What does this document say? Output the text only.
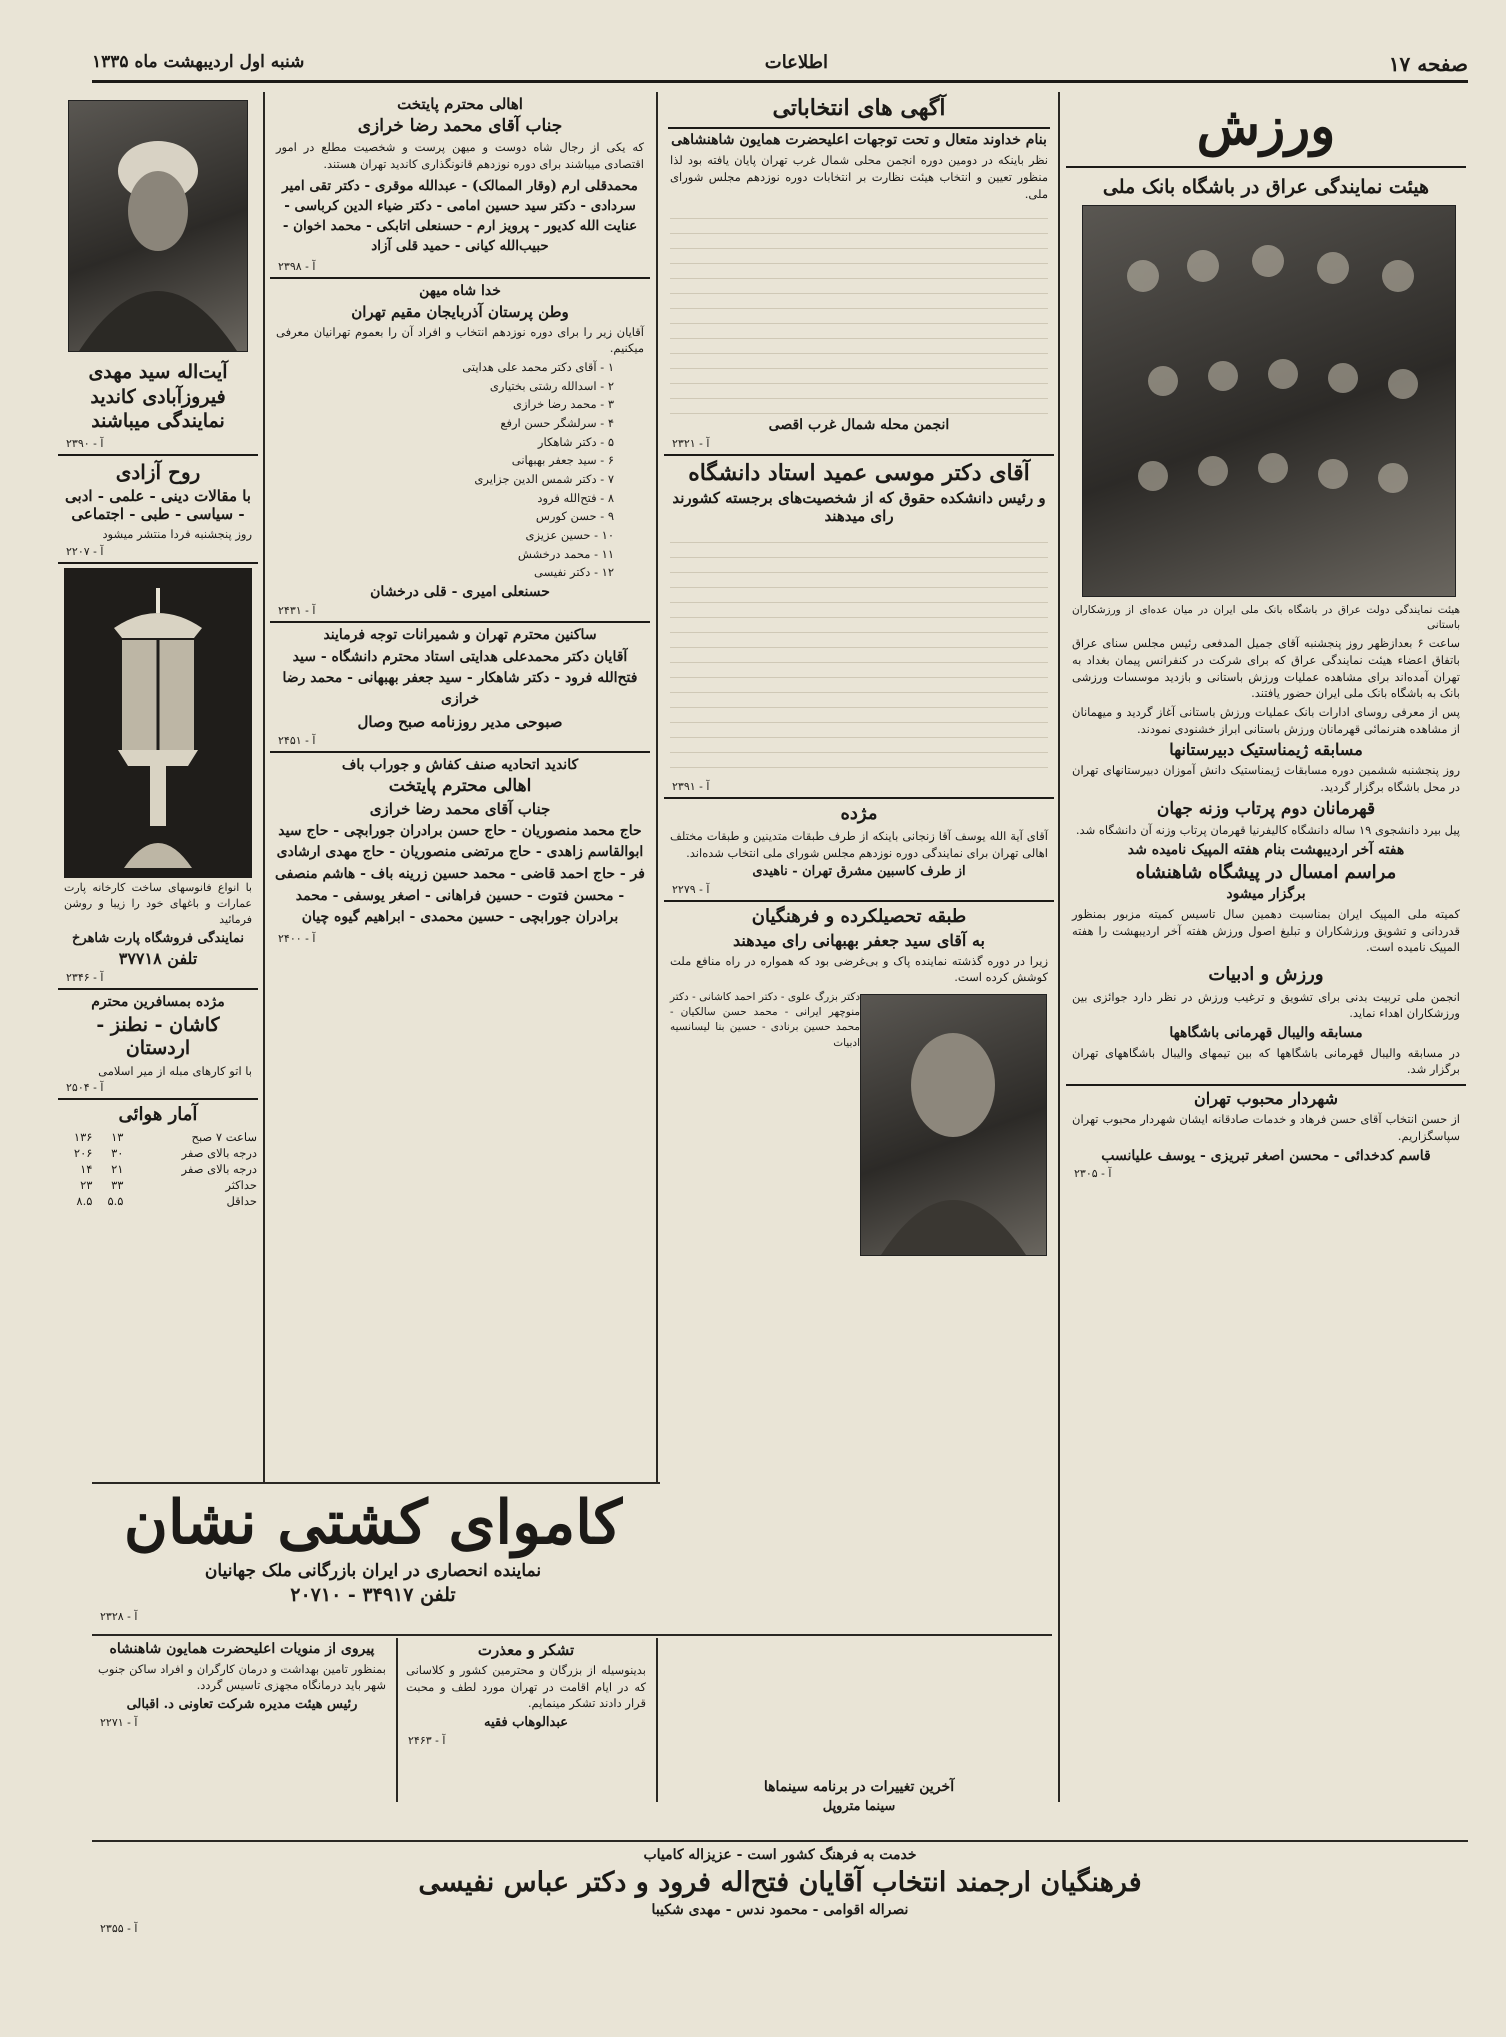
صفحه ۱۷
اطلاعات
شنبه اول اردیبهشت ماه ۱۳۳۵
ورزش
هیئت نمایندگی عراق در باشگاه بانک ملی
هیئت نمایندگی دولت عراق در باشگاه بانک ملی ایران در میان عده‌ای از ورزشکاران باستانی
ساعت ۶ بعدازظهر روز پنجشنبه آقای جمیل المدفعی رئیس مجلس سنای عراق باتفاق اعضاء هیئت نمایندگی عراق که برای شرکت در کنفرانس پیمان بغداد به تهران آمده‌اند برای مشاهده عملیات ورزش باستانی و بازدید موسسات ورزشی بانک به باشگاه بانک ملی ایران حضور یافتند.
پس از معرفی روسای ادارات بانک عملیات ورزش باستانی آغاز گردید و میهمانان از مشاهده هنرنمائی قهرمانان ورزش باستانی ابراز خشنودی نمودند.
مسابقه ژیمناستیک دبیرستانها
روز پنجشنبه ششمین دوره مسابقات ژیمناستیک دانش آموزان دبیرستانهای تهران در محل باشگاه برگزار گردید.
قهرمانان دوم پرتاب وزنه جهان
پیل بیرد دانشجوی ۱۹ ساله دانشگاه کالیفرنیا قهرمان پرتاب وزنه آن دانشگاه شد.
هفته آخر اردیبهشت بنام هفته المپیک نامیده شد
مراسم امسال در پیشگاه شاهنشاه
برگزار میشود
کمیته ملی المپیک ایران بمناسبت دهمین سال تاسیس کمیته مزبور بمنظور قدردانی و تشویق ورزشکاران و تبلیغ اصول ورزش هفته آخر اردیبهشت را هفته المپیک نامیده است.
ورزش و ادبیات
انجمن ملی تربیت بدنی برای تشویق و ترغیب ورزش در نظر دارد جوائزی بین ورزشکاران اهداء نماید.
مسابقه والیبال قهرمانی باشگاهها
در مسابقه والیبال قهرمانی باشگاهها که بین تیمهای والیبال باشگاههای تهران برگزار شد.
شهردار محبوب تهران
از حسن انتخاب آقای حسن فرهاد و خدمات صادقانه ایشان شهردار محبوب تهران سپاسگزاریم.
قاسم کدخدائی - محسن اصغر تبریزی - یوسف علیانسب
آ - ۲۳۰۵
آگهی های انتخاباتی
بنام خداوند متعال و تحت توجهات اعلیحضرت همایون شاهنشاهی
نظر باینکه در دومین دوره انجمن محلی شمال غرب تهران پایان یافته بود لذا منظور تعیین و انتخاب هیئت نظارت بر انتخابات دوره نوزدهم مجلس شورای ملی.
انجمن محله شمال غرب اقصی
آ - ۲۳۲۱
آقای دکتر موسی عمید استاد دانشگاه
و رئیس دانشکده حقوق که از شخصیت‌های برجسته کشورند رای میدهند
آ - ۲۳۹۱
مژده
آقای آیة الله یوسف آقا زنجانی باینکه از طرف طبقات متدینین و طبقات مختلف اهالی تهران برای نمایندگی دوره نوزدهم مجلس شورای ملی انتخاب شده‌اند.
از طرف کاسبین مشرق تهران - ناهیدی
آ - ۲۲۷۹
طبقه تحصیلکرده و فرهنگیان
به آقای سید جعفر بهبهانی رای میدهند
زیرا در دوره گذشته نماینده پاک و بی‌غرضی بود که همواره در راه منافع ملت کوشش کرده است.
دکتر بزرگ علوی - دکتر احمد کاشانی - دکتر منوچهر ایرانی - محمد حسن سالکیان - محمد حسین برنادی - حسین بنا لیسانسیه ادبیات
اهالی محترم پایتخت
جناب آقای محمد رضا خرازی
که یکی از رجال شاه دوست و میهن پرست و شخصیت مطلع در امور اقتصادی میباشند برای دوره نوزدهم قانونگذاری کاندید تهران هستند.
محمدقلی ارم (وقار الممالک) - عبدالله موقری - دکتر تقی امیر سردادی - دکتر سید حسین امامی - دکتر ضیاء الدین کرباسی - عنایت الله کدیور - پرویز ارم - حسنعلی اتابکی - محمد اخوان - حبیب‌الله کیانی - حمید قلی آزاد
آ - ۲۳۹۸
خدا شاه میهن
وطن پرستان آذربایجان مقیم تهران
آقایان زیر را برای دوره نوزدهم انتخاب و افراد آن را بعموم تهرانیان معرفی میکنیم.
۱ - آقای دکتر محمد علی هدایتی
۲ - اسدالله رشتی بختیاری
۳ - محمد رضا خرازی
۴ - سرلشگر حسن ارفع
۵ - دکتر شاهکار
۶ - سید جعفر بهبهانی
۷ - دکتر شمس الدین جزایری
۸ - فتح‌الله فرود
۹ - حسن کورس
۱۰ - حسین عزیزی
۱۱ - محمد درخشش
۱۲ - دکتر نفیسی
حسنعلی امیری - قلی درخشان
آ - ۲۴۳۱
ساکنین محترم تهران و شمیرانات توجه فرمایند
آقایان دکتر محمدعلی هدایتی استاد محترم دانشگاه - سید فتح‌الله فرود - دکتر شاهکار - سید جعفر بهبهانی - محمد رضا خرازی
صبوحی مدیر روزنامه صبح وصال
آ - ۲۴۵۱
کاندید اتحادیه صنف کفاش و جوراب باف
اهالی محترم پایتخت
جناب آقای محمد رضا خرازی
حاج محمد منصوریان - حاج حسن برادران جورابچی - حاج سید ابوالقاسم زاهدی - حاج مرتضی منصوریان - حاج مهدی ارشادی فر - حاج احمد قاضی - محمد حسین زرینه باف - هاشم منصفی - محسن فتوت - حسین فراهانی - اصغر یوسفی - محمد برادران جورابچی - حسین محمدی - ابراهیم گیوه چیان
آ - ۲۴۰۰
آیت‌اله سید مهدی فیروزآبادی کاندید نمایندگی میباشند
آ - ۲۳۹۰
روح آزادی
با مقالات دینی - علمی - ادبی - سیاسی - طبی - اجتماعی
روز پنجشنبه فردا منتشر میشود
آ - ۲۲۰۷
با انواع فانوسهای ساخت کارخانه پارت عمارات و باغهای خود را زیبا و روشن فرمائید
نمایندگی فروشگاه پارت شاهرخ
تلفن ۳۷۷۱۸
آ - ۲۳۴۶
مژده بمسافرین محترم
کاشان - نطنز - اردستان
با اتو کارهای مبله از میر اسلامی
آ - ۲۵۰۴
آمار هوائی
ساعت ۷ صبح	۱۳	۱۳۶
درجه بالای صفر	۳۰	۲۰۶
درجه بالای صفر	۲۱	۱۴
حداکثر	۳۳	۲۳
حداقل	۵.۵	۸.۵
کاموای کشتی نشان
نماینده انحصاری در ایران بازرگانی ملک جهانیان
تلفن ۳۴۹۱۷ - ۲۰۷۱۰
آ - ۲۳۲۸
پیروی از منویات اعلیحضرت همایون شاهنشاه
بمنظور تامین بهداشت و درمان کارگران و افراد ساکن جنوب شهر باید درمانگاه مجهزی تاسیس گردد.
رئیس هیئت مدیره شرکت تعاونی د. اقبالی
آ - ۲۲۷۱
تشکر و معذرت
بدینوسیله از بزرگان و محترمین کشور و کلاسانی که در ایام اقامت در تهران مورد لطف و محبت قرار دادند تشکر مینمایم.
عبدالوهاب فقیه
آ - ۲۴۶۳
آخرین تغییرات در برنامه سینماها
سینما متروپل
خدمت به فرهنگ کشور است - عزیزاله کامیاب
فرهنگیان ارجمند انتخاب آقایان فتح‌اله فرود و دکتر عباس نفیسی
نصراله اقوامی - محمود ندس - مهدی شکیبا
آ - ۲۳۵۵
